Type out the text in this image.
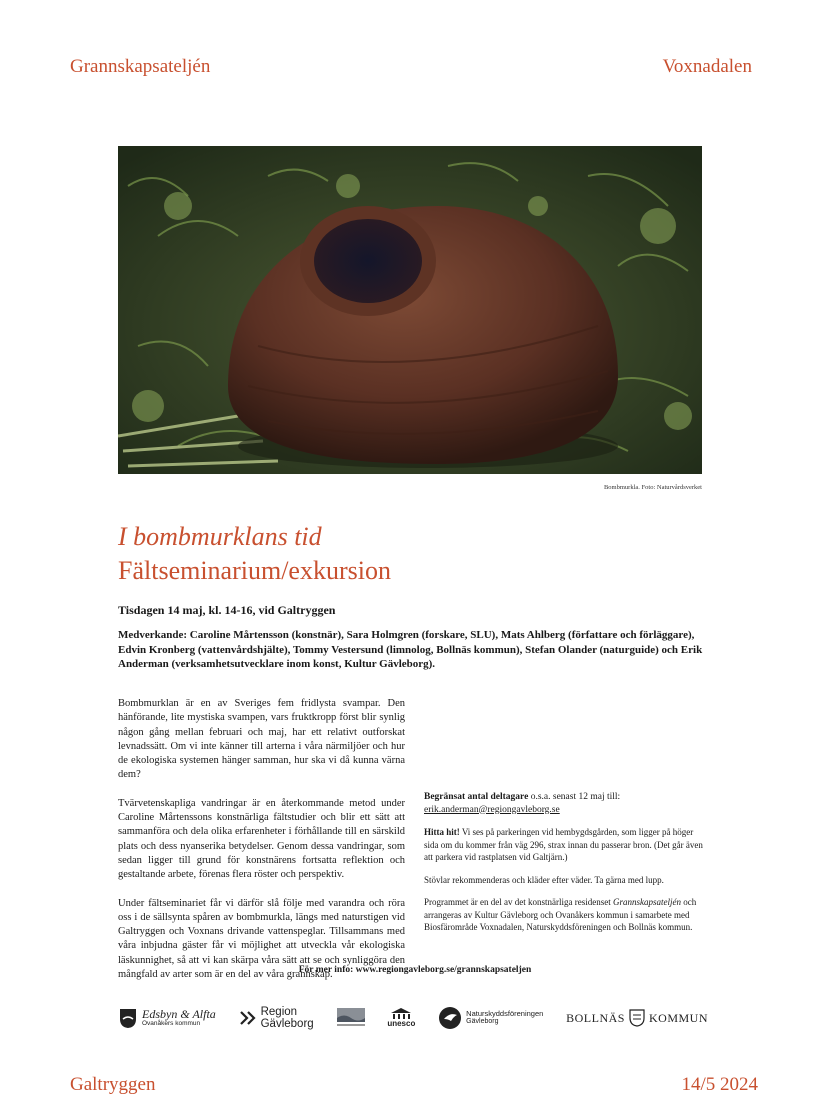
Grannskapsateljén	Voxnadalen
Bombmurkla. Foto: Naturvårdsverket
I bombmurklans tid
Fältseminarium/exkursion
Tisdagen 14 maj, kl. 14-16, vid Galtryggen
Medverkande: Caroline Mårtensson (konstnär), Sara Holmgren (forskare, SLU), Mats Ahlberg (författare och förläggare), Edvin Kronberg (vattenvårdshjälte), Tommy Vestersund (limnolog, Bollnäs kommun), Stefan Olander (naturguide) och Erik Anderman (verksamhetsutvecklare inom konst, Kultur Gävleborg).

Bombmurklan är en av Sveriges fem fridlysta svampar. Den hänförande, lite mystiska svampen, vars fruktkropp först blir synlig någon gång mellan februari och maj, har ett relativt outforskat levnadssätt. Om vi inte känner till arterna i våra närmiljöer och hur de ekologiska systemen hänger samman, hur ska vi då kunna värna dem?

Tvärvetenskapliga vandringar är en återkommande metod under Caroline Mårtenssons konstnärliga fältstudier och blir ett sätt att sammanföra och dela olika erfarenheter i förhållande till en särskild plats och dess nyanserika betydelser. Genom dessa vandringar, som sedan ligger till grund för konstnärens fortsatta reflektion och gestaltande arbete, förenas flera röster och perspektiv.

Under fältseminariet får vi därför slå följe med varandra och röra oss i de sällsynta spåren av bombmurkla, längs med naturstigen vid Galtryggen och Voxnans drivande vattenspeglar. Tillsammans med våra inbjudna gäster får vi möjlighet att utveckla vår ekologiska läskunnighet, så att vi kan skärpa våra sätt att se och synliggöra den mångfald av arter som är en del av våra grannskap.

Begränsat antal deltagare o.s.a. senast 12 maj till:
erik.anderman@regiongavleborg.se

Hitta hit! Vi ses på parkeringen vid hembygdsgården, som ligger på höger sida om du kommer från väg 296, strax innan du passerar bron. (Det går även att parkera vid rastplatsen vid Galtjärn.)

Stövlar rekommenderas och kläder efter väder. Ta gärna med lupp.

Programmet är en del av det konstnärliga residenset Grannskapsateljén och arrangeras av Kultur Gävleborg och Ovanåkers kommun i samarbete med Biosfärområde Voxnadalen, Naturskyddsföreningen och Bollnäs kommun.

För mer info: www.regiongavleborg.se/grannskapsateljen
Edsbyn & Alfta
Ovanåkers kommun
Region
Gävleborg	unesco
Naturskyddsföreningen
Gävleborg	BOLLNÄS KOMMUN
Galtryggen	14/5 2024
